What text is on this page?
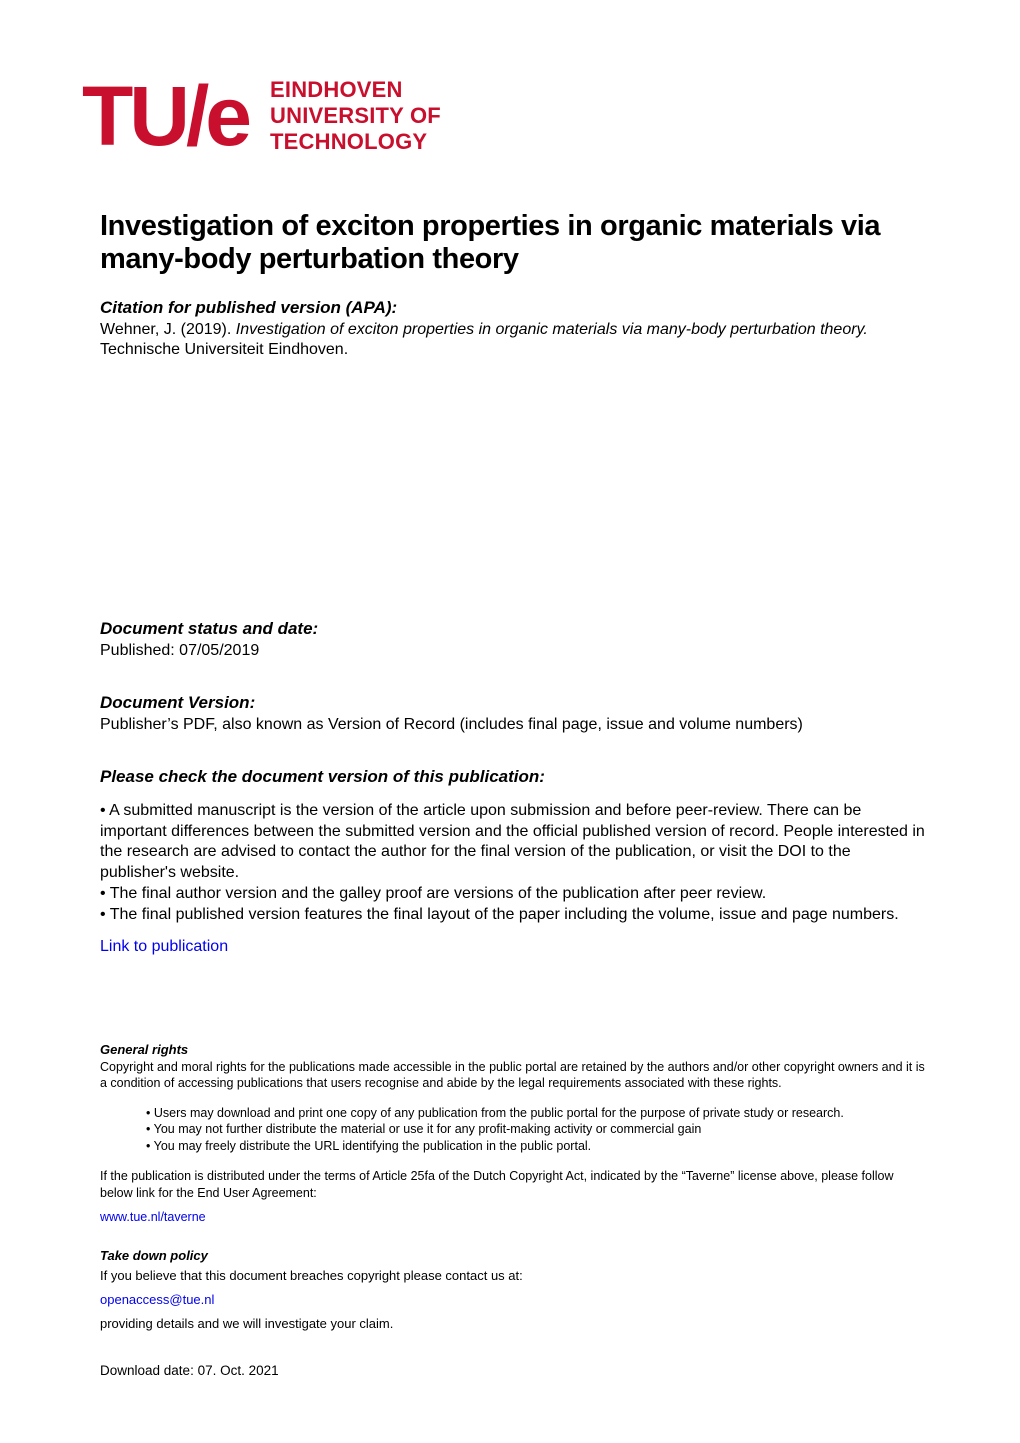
TU/e EINDHOVEN
UNIVERSITY OF
TECHNOLOGY
Investigation of exciton properties in organic materials via many-body perturbation theory
Citation for published version (APA):

Wehner, J. (2019). Investigation of exciton properties in organic materials via many-body perturbation theory. Technische Universiteit Eindhoven.

Document status and date:

Published: 07/05/2019

Document Version:

Publisher’s PDF, also known as Version of Record (includes final page, issue and volume numbers)

Please check the document version of this publication:

• A submitted manuscript is the version of the article upon submission and before peer-review. There can be important differences between the submitted version and the official published version of record. People interested in the research are advised to contact the author for the final version of the publication, or visit the DOI to the publisher's website.

• The final author version and the galley proof are versions of the publication after peer review.

• The final published version features the final layout of the paper including the volume, issue and page numbers.

Link to publication
General rights

Copyright and moral rights for the publications made accessible in the public portal are retained by the authors and/or other copyright owners and it is a condition of accessing publications that users recognise and abide by the legal requirements associated with these rights.

• Users may download and print one copy of any publication from the public portal for the purpose of private study or research.

• You may not further distribute the material or use it for any profit-making activity or commercial gain

• You may freely distribute the URL identifying the publication in the public portal.

If the publication is distributed under the terms of Article 25fa of the Dutch Copyright Act, indicated by the “Taverne” license above, please follow below link for the End User Agreement:

www.tue.nl/taverne
Take down policy

If you believe that this document breaches copyright please contact us at:

openaccess@tue.nl

providing details and we will investigate your claim.

Download date: 07. Oct. 2021
